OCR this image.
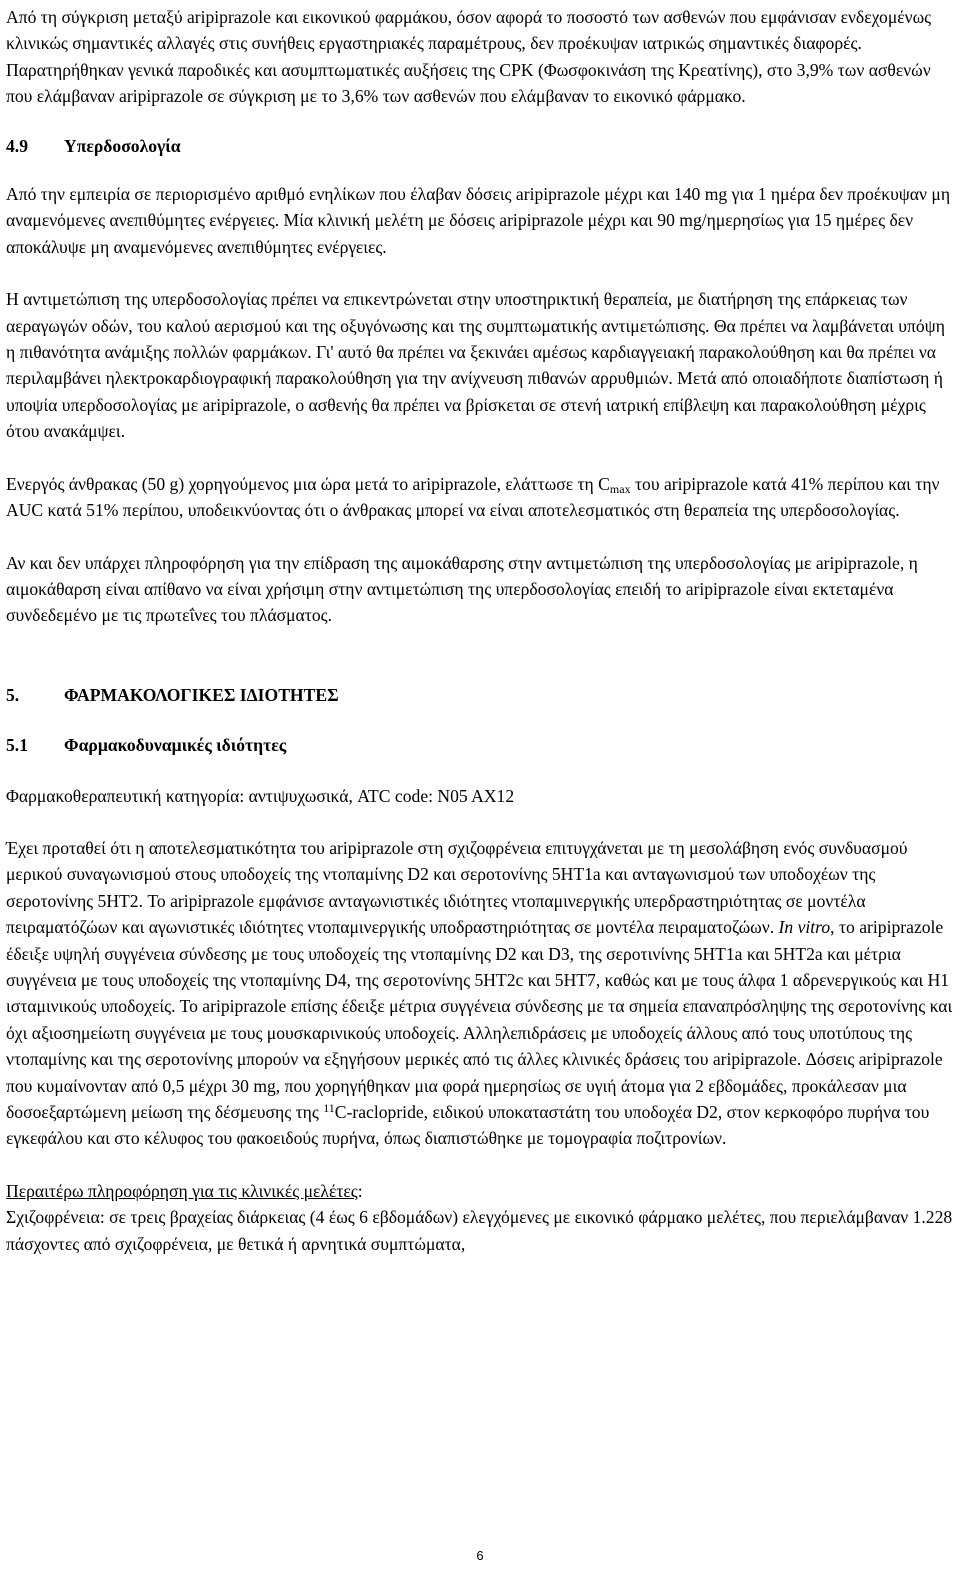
Από τη σύγκριση μεταξύ aripiprazole και εικονικού φαρμάκου, όσον αφορά το ποσοστό των ασθενών που εμφάνισαν ενδεχομένως κλινικώς σημαντικές αλλαγές στις συνήθεις εργαστηριακές παραμέτρους, δεν προέκυψαν ιατρικώς σημαντικές διαφορές. Παρατηρήθηκαν γενικά παροδικές και ασυμπτωματικές αυξήσεις της CPK (Φωσφοκινάση της Κρεατίνης), στο 3,9% των ασθενών που ελάμβαναν aripiprazole σε σύγκριση με το 3,6% των ασθενών που ελάμβαναν το εικονικό φάρμακο.

4.9 Υπερδοσολογία

Από την εμπειρία σε περιορισμένο αριθμό ενηλίκων που έλαβαν δόσεις aripiprazole μέχρι και 140 mg για 1 ημέρα δεν προέκυψαν μη αναμενόμενες ανεπιθύμητες ενέργειες. Μία κλινική μελέτη με δόσεις aripiprazole μέχρι και 90 mg/ημερησίως για 15 ημέρες δεν αποκάλυψε μη αναμενόμενες ανεπιθύμητες ενέργειες.

Η αντιμετώπιση της υπερδοσολογίας πρέπει να επικεντρώνεται στην υποστηρικτική θεραπεία, με διατήρηση της επάρκειας των αεραγωγών οδών, του καλού αερισμού και της οξυγόνωσης και της συμπτωματικής αντιμετώπισης. Θα πρέπει να λαμβάνεται υπόψη η πιθανότητα ανάμιξης πολλών φαρμάκων. Γι' αυτό θα πρέπει να ξεκινάει αμέσως καρδιαγγειακή παρακολούθηση και θα πρέπει να περιλαμβάνει ηλεκτροκαρδιογραφική παρακολούθηση για την ανίχνευση πιθανών αρρυθμιών. Μετά από οποιαδήποτε διαπίστωση ή υποψία υπερδοσολογίας με aripiprazole, ο ασθενής θα πρέπει να βρίσκεται σε στενή ιατρική επίβλεψη και παρακολούθηση μέχρις ότου ανακάμψει.

Ενεργός άνθρακας (50 g) χορηγούμενος μια ώρα μετά το aripiprazole, ελάττωσε τη $C_{max}$ του aripiprazole κατά 41% περίπου και την AUC κατά 51% περίπου, υποδεικνύοντας ότι ο άνθρακας μπορεί να είναι αποτελεσματικός στη θεραπεία της υπερδοσολογίας.

Αν και δεν υπάρχει πληροφόρηση για την επίδραση της αιμοκάθαρσης στην αντιμετώπιση της υπερδοσολογίας με aripiprazole, η αιμοκάθαρση είναι απίθανο να είναι χρήσιμη στην αντιμετώπιση της υπερδοσολογίας επειδή το aripiprazole είναι εκτεταμένα συνδεδεμένο με τις πρωτεΐνες του πλάσματος.

5.	ΦΑΡΜΑΚΟΛΟΓΙΚΕΣ ΙΔΙΟΤΗΤΕΣ

5.1 Φαρμακοδυναμικές ιδιότητες

Φαρμακοθεραπευτική κατηγορία: αντιψυχωσικά, ATC code: N05 AX12

Έχει προταθεί ότι η αποτελεσματικότητα του aripiprazole στη σχιζοφρένεια επιτυγχάνεται με τη μεσολάβηση ενός συνδυασμού μερικού συναγωνισμού στους υποδοχείς της ντοπαμίνης D2 και σεροτονίνης 5HT1a και ανταγωνισμού των υποδοχέων της σεροτονίνης 5HT2. Το aripiprazole εμφάνισε ανταγωνιστικές ιδιότητες ντοπαμινεργικής υπερδραστηριότητας σε μοντέλα πειραματόζώων και αγωνιστικές ιδιότητες ντοπαμινεργικής υποδραστηριότητας σε μοντέλα πειραματοζώων. In vitro, το aripiprazole έδειξε υψηλή συγγένεια σύνδεσης με τους υποδοχείς της ντοπαμίνης D2 και D3, της σεροτινίνης 5HT1a και 5HT2a και μέτρια συγγένεια με τους υποδοχείς της ντοπαμίνης D4, της σεροτονίνης 5HT2c και 5HT7, καθώς και με τους άλφα 1 αδρενεργικούς και H1 ισταμινικούς υποδοχείς. Το aripiprazole επίσης έδειξε μέτρια συγγένεια σύνδεσης με τα σημεία επαναπρόσληψης της σεροτονίνης και όχι αξιοσημείωτη συγγένεια με τους μουσκαρινικούς υποδοχείς. Αλληλεπιδράσεις με υποδοχείς άλλους από τους υποτύπους της ντοπαμίνης και της σεροτονίνης μπορούν να εξηγήσουν μερικές από τις άλλες κλινικές δράσεις του aripiprazole. Δόσεις aripiprazole που κυμαίνονταν από 0,5 μέχρι 30 mg, που χορηγήθηκαν μια φορά ημερησίως σε υγιή άτομα για 2 εβδομάδες, προκάλεσαν μια δοσοεξαρτώμενη μείωση της δέσμευσης της $^{11}$C-raclopride, ειδικού υποκαταστάτη του υποδοχέα D2, στον κερκοφόρο πυρήνα του εγκεφάλου και στο κέλυφος του φακοειδούς πυρήνα, όπως διαπιστώθηκε με τομογραφία ποζιτρονίων.

Περαιτέρω πληροφόρηση για τις κλινικές μελέτες:

Σχιζοφρένεια: σε τρεις βραχείας διάρκειας (4 έως 6 εβδομάδων) ελεγχόμενες με εικονικό φάρμακο μελέτες, που περιελάμβαναν 1.228 πάσχοντες από σχιζοφρένεια, με θετικά ή αρνητικά συμπτώματα,

6
